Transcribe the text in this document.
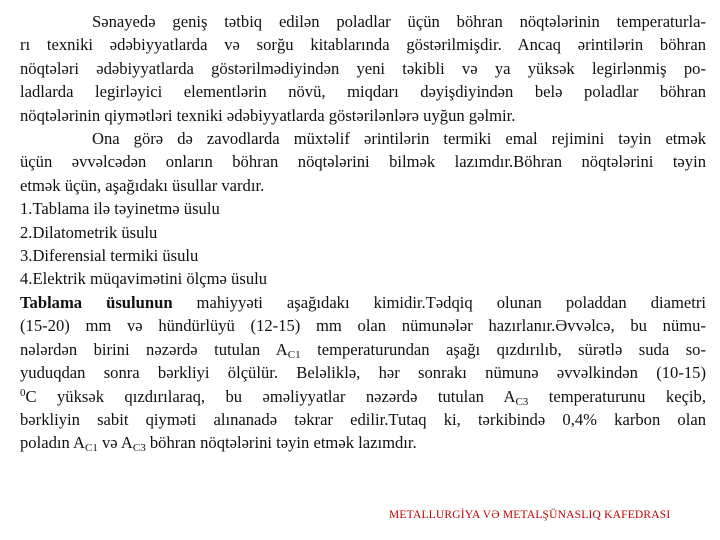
Sənayedə geniş tətbiq edilən poladlar üçün böhran nöqtələrinin temperaturla-
rı texniki ədəbiyyatlarda və sorğu kitablarında göstərilmişdir. Ancaq ərintilərin böhran
nöqtələri ədəbiyyatlarda göstərilmədiyindən yeni təkibli və ya yüksək legirlənmiş po-
ladlarda legirləyici elementlərin növü, miqdarı dəyişdiyindən belə poladlar böhran
nöqtələrinin qiymətləri texniki ədəbiyyatlarda göstərilənlərə uyğun gəlmir.
Ona görə də zavodlarda müxtəlif ərintilərin termiki emal rejimini təyin etmək
üçün əvvəlcədən onların böhran nöqtələrini bilmək lazımdır.Böhran nöqtələrini təyin
etmək üçün, aşağıdakı üsullar vardır.
1.Tablama ilə təyinetmə üsulu
2.Dilatometrik üsulu
3.Diferensial termiki üsulu
4.Elektrik müqavimətini ölçmə üsulu
Tablama üsulunun mahiyyəti aşağıdakı kimidir.Tədqiq olunan poladdan diametri
(15-20) mm və hündürlüyü (12-15) mm olan nümunələr hazırlanır.Əvvəlcə, bu nümu-
nələrdən birini nəzərdə tutulan $A_{C1}$ temperaturundan aşağı qızdırılıb, sürətlə suda so-
yuduqdan sonra bərkliyi ölçülür. Beləliklə, hər sonrakı nümunə əvvəlkindən (10-15)
$^0$C yüksək qızdırılaraq, bu əməliyyatlar nəzərdə tutulan $A_{C3}$ temperaturunu keçib,
bərkliyin sabit qiyməti alınanadə təkrar edilir.Tutaq ki, tərkibində 0,4% karbon olan
poladın $A_{C1}$ və $A_{C3}$ böhran nöqtələrini təyin etmək lazımdır.
METALLURGİYA VƏ METALŞÜNASLIQ KAFEDRASI
